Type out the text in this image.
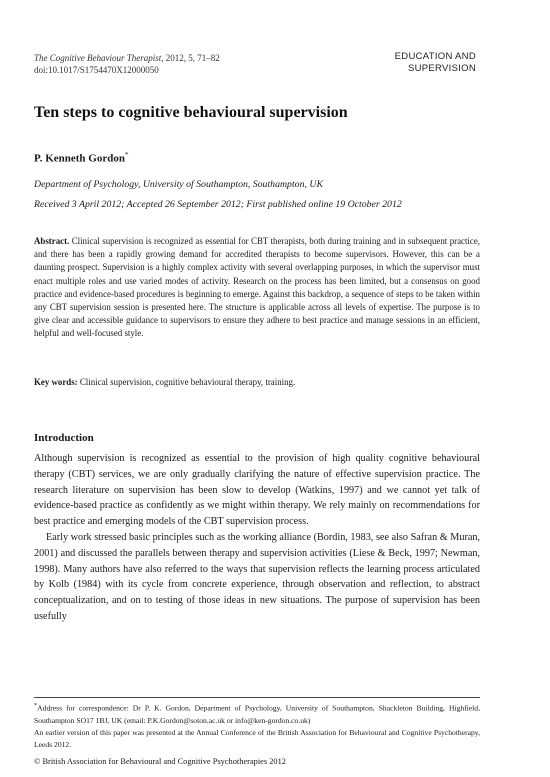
The Cognitive Behaviour Therapist, 2012, 5, 71–82
doi:10.1017/S1754470X12000050
EDUCATION AND
SUPERVISION
Ten steps to cognitive behavioural supervision
P. Kenneth Gordon*
Department of Psychology, University of Southampton, Southampton, UK
Received 3 April 2012; Accepted 26 September 2012; First published online 19 October 2012
Abstract. Clinical supervision is recognized as essential for CBT therapists, both during training and in subsequent practice, and there has been a rapidly growing demand for accredited therapists to become supervisors. However, this can be a daunting prospect. Supervision is a highly complex activity with several overlapping purposes, in which the supervisor must enact multiple roles and use varied modes of activity. Research on the process has been limited, but a consensus on good practice and evidence-based procedures is beginning to emerge. Against this backdrop, a sequence of steps to be taken within any CBT supervision session is presented here. The structure is applicable across all levels of expertise. The purpose is to give clear and accessible guidance to supervisors to ensure they adhere to best practice and manage sessions in an efficient, helpful and well-focused style.
Key words: Clinical supervision, cognitive behavioural therapy, training.
Introduction

Although supervision is recognized as essential to the provision of high quality cognitive behavioural therapy (CBT) services, we are only gradually clarifying the nature of effective supervision practice. The research literature on supervision has been slow to develop (Watkins, 1997) and we cannot yet talk of evidence-based practice as confidently as we might within therapy. We rely mainly on recommendations for best practice and emerging models of the CBT supervision process.

Early work stressed basic principles such as the working alliance (Bordin, 1983, see also Safran & Muran, 2001) and discussed the parallels between therapy and supervision activities (Liese & Beck, 1997; Newman, 1998). Many authors have also referred to the ways that supervision reflects the learning process articulated by Kolb (1984) with its cycle from concrete experience, through observation and reflection, to abstract conceptualization, and on to testing of those ideas in new situations. The purpose of supervision has been usefully

*Address for correspondence: Dr P. K. Gordon, Department of Psychology, University of Southampton, Shackleton Building, Highfield, Southampton SO17 1BJ, UK (email: P.K.Gordon@soton.ac.uk or info@ken-gordon.co.uk)

An earlier version of this paper was presented at the Annual Conference of the British Association for Behavioural and Cognitive Psychotherapy, Leeds 2012.

© British Association for Behavioural and Cognitive Psychotherapies 2012
